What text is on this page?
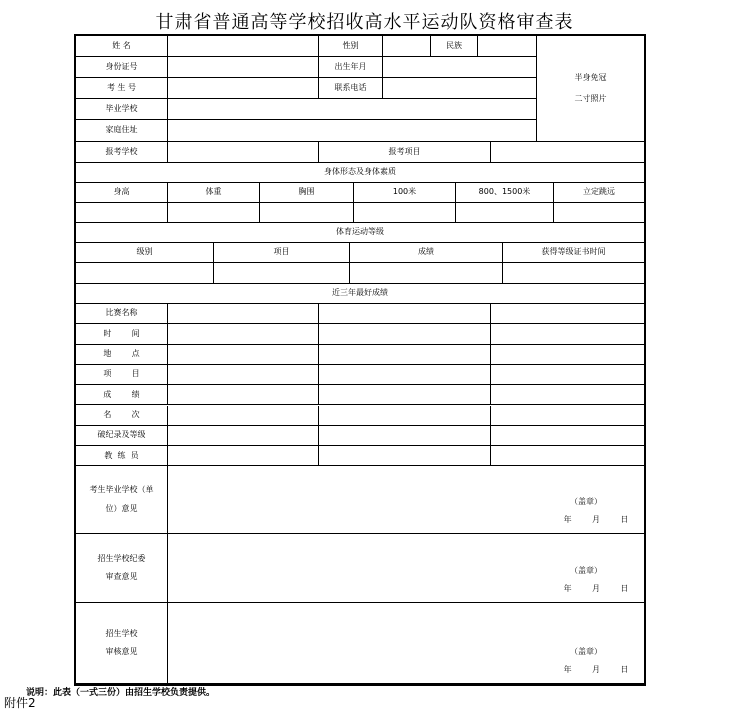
甘肃省普通高等学校招收高水平运动队资格审查表
姓 名	性别	民族
身份证号	出生年月
考 生 号	联系电话
毕业学校
家庭住址
半身免冠
二寸照片
报考学校	报考项目
身体形态及身体素质
身高	体重	胸围	100米	800、1500米	立定跳远
体育运动等级
级别	项目	成绩	获得等级证书时间
近三年最好成绩
比赛名称
时        间
地        点
项        目
成        绩
名        次
破纪录及等级
教  练  员
考生毕业学校（单
位）意见
（盖章）
年        月        日
招生学校纪委
审查意见
（盖章）
年        月        日
招生学校
审核意见	（盖章）
年        月        日
说明：此表（一式三份）由招生学校负责提供。
附件2
